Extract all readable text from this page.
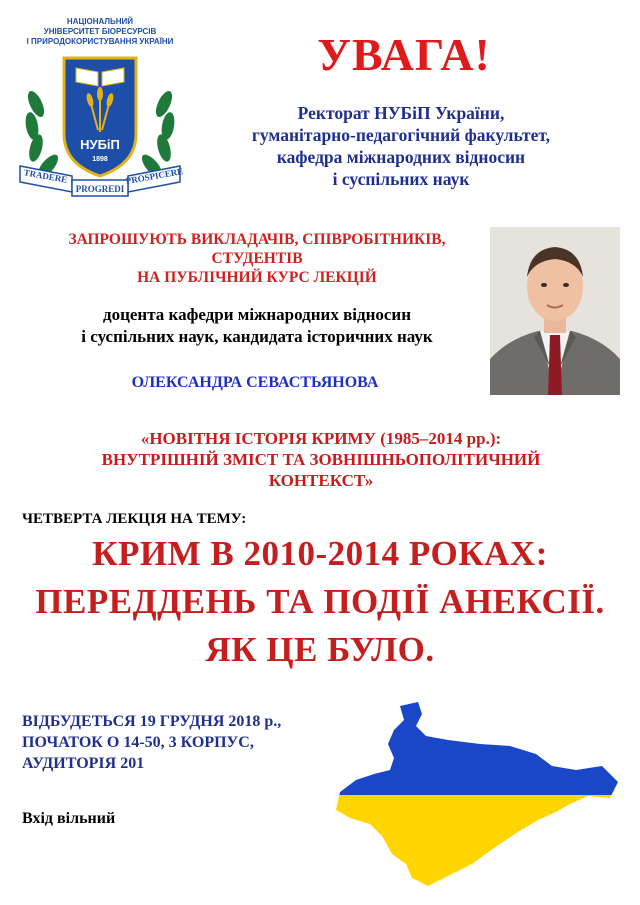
НАЦІОНАЛЬНИЙ
УНІВЕРСИТЕТ БІОРЕСУРСІВ
І ПРИРОДОКОРИСТУВАННЯ УКРАЇНИ
НУБіП
1898
TRADERE
PROGREDI
PROSPICERE
УВАГА!
Ректорат НУБіП України,
гуманітарно-педагогічний факультет,
кафедра міжнародних відносин
і суспільних наук
ЗАПРОШУЮТЬ ВИКЛАДАЧІВ, СПІВРОБІТНИКІВ,
СТУДЕНТІВ
НА ПУБЛІЧНИЙ КУРС ЛЕКЦІЙ
доцента кафедри міжнародних відносин
і суспільних наук, кандидата історичних наук
ОЛЕКСАНДРА СЕВАСТЬЯНОВА
«НОВІТНЯ ІСТОРІЯ КРИМУ (1985–2014 рр.):
ВНУТРІШНІЙ ЗМІСТ ТА ЗОВНІШНЬОПОЛІТИЧНИЙ
КОНТЕКСТ»
ЧЕТВЕРТА ЛЕКЦІЯ НА ТЕМУ:
КРИМ В 2010-2014 РОКАХ:
ПЕРЕДДЕНЬ ТА ПОДІЇ АНЕКСІЇ.
ЯК ЦЕ БУЛО.
ВІДБУДЕТЬСЯ 19 ГРУДНЯ 2018 р.,
ПОЧАТОК О 14-50, 3 КОРПУС,
АУДИТОРІЯ 201
Вхід вільний
